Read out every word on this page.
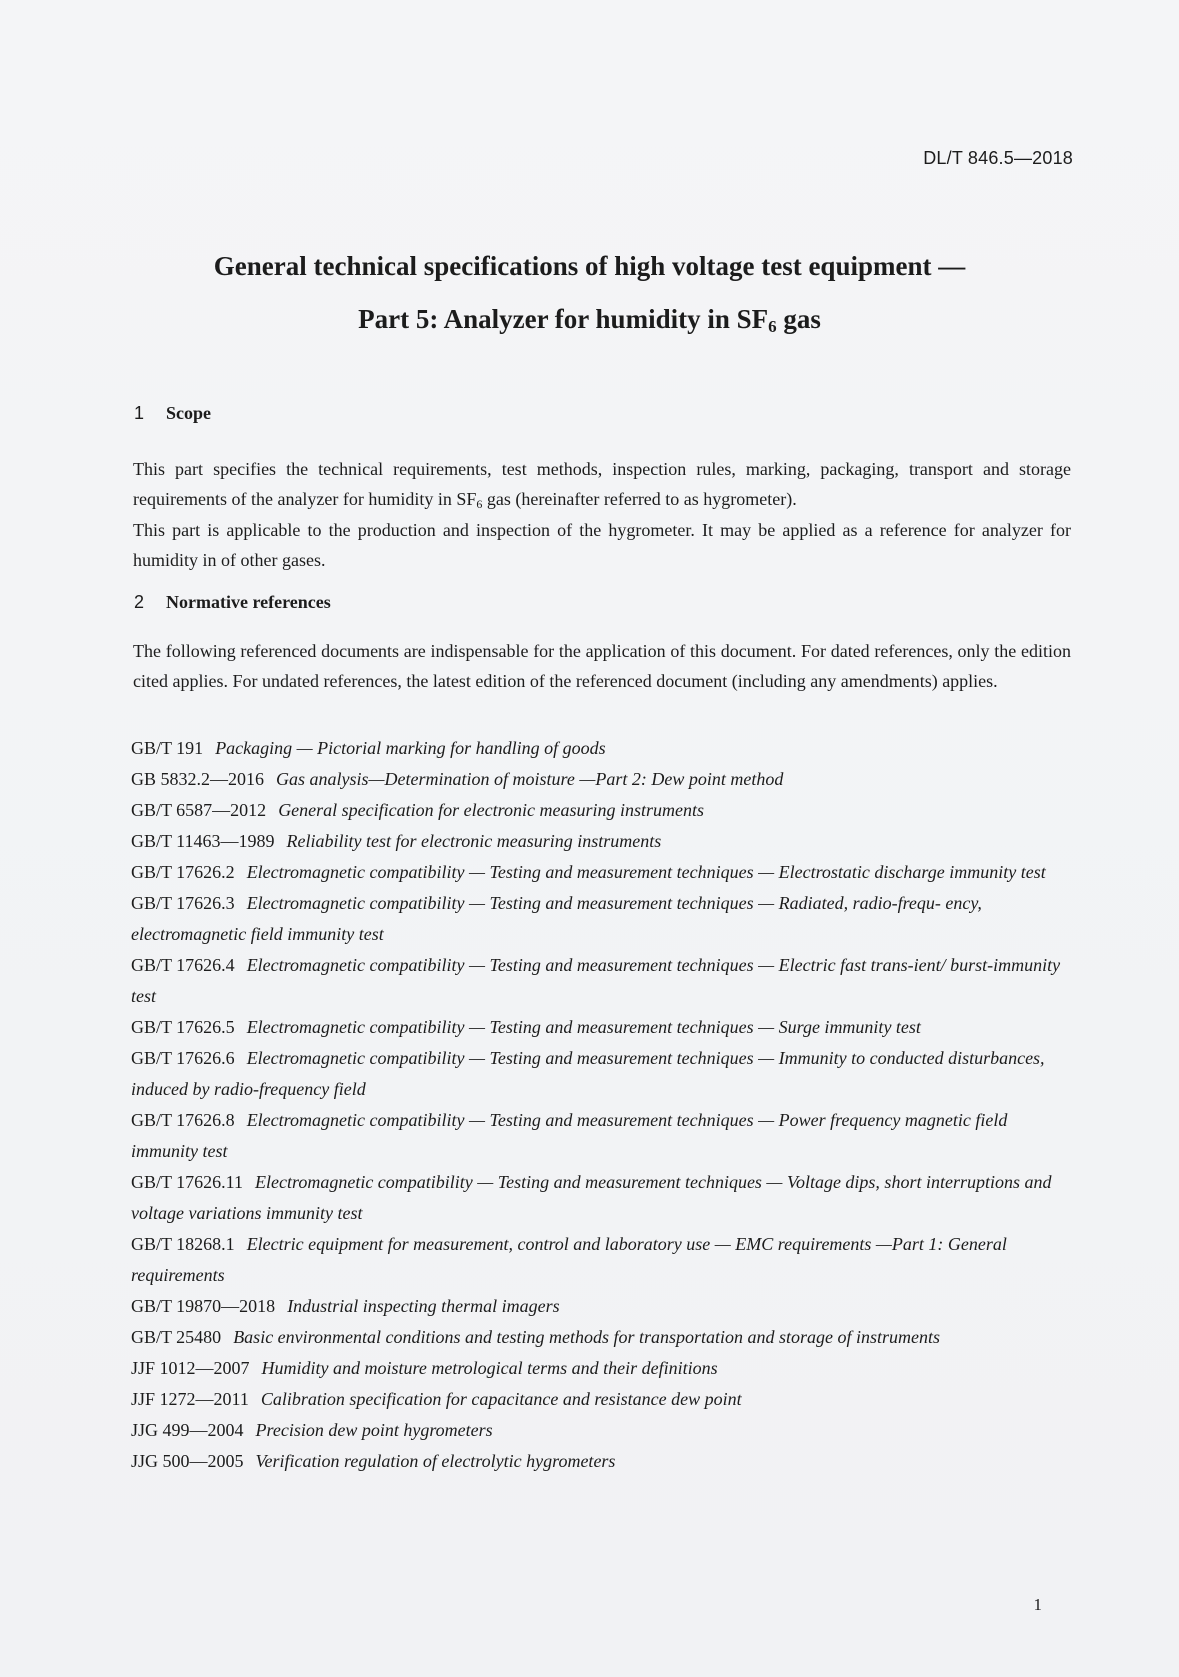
DL/T 846.5—2018
General technical specifications of high voltage test equipment —
Part 5: Analyzer for humidity in $SF_6$ gas
1 Scope
This part specifies the technical requirements, test methods, inspection rules, marking, packaging, transport and storage requirements of the analyzer for humidity in $SF_6$ gas (hereinafter referred to as hygrometer).
This part is applicable to the production and inspection of the hygrometer. It may be applied as a reference for analyzer for humidity in of other gases.
2 Normative references
The following referenced documents are indispensable for the application of this document. For dated references, only the edition cited applies. For undated references, the latest edition of the referenced document (including any amendments) applies.
GB/T 191 Packaging — Pictorial marking for handling of goods
GB 5832.2—2016 Gas analysis—Determination of moisture —Part 2: Dew point method
GB/T 6587—2012 General specification for electronic measuring instruments
GB/T 11463—1989 Reliability test for electronic measuring instruments
GB/T 17626.2 Electromagnetic compatibility — Testing and measurement techniques — Electrostatic discharge immunity test
GB/T 17626.3 Electromagnetic compatibility — Testing and measurement techniques — Radiated, radio-frequ- ency, electromagnetic field immunity test
GB/T 17626.4 Electromagnetic compatibility — Testing and measurement techniques — Electric fast trans-ient/ burst-immunity test
GB/T 17626.5 Electromagnetic compatibility — Testing and measurement techniques — Surge immunity test
GB/T 17626.6 Electromagnetic compatibility — Testing and measurement techniques — Immunity to conducted disturbances, induced by radio-frequency field
GB/T 17626.8 Electromagnetic compatibility — Testing and measurement techniques — Power frequency magnetic field immunity test
GB/T 17626.11 Electromagnetic compatibility — Testing and measurement techniques — Voltage dips, short interruptions and voltage variations immunity test
GB/T 18268.1 Electric equipment for measurement, control and laboratory use — EMC requirements —Part 1: General requirements
GB/T 19870—2018 Industrial inspecting thermal imagers
GB/T 25480 Basic environmental conditions and testing methods for transportation and storage of instruments
JJF 1012—2007 Humidity and moisture metrological terms and their definitions
JJF 1272—2011 Calibration specification for capacitance and resistance dew point
JJG 499—2004 Precision dew point hygrometers
JJG 500—2005 Verification regulation of electrolytic hygrometers
1
